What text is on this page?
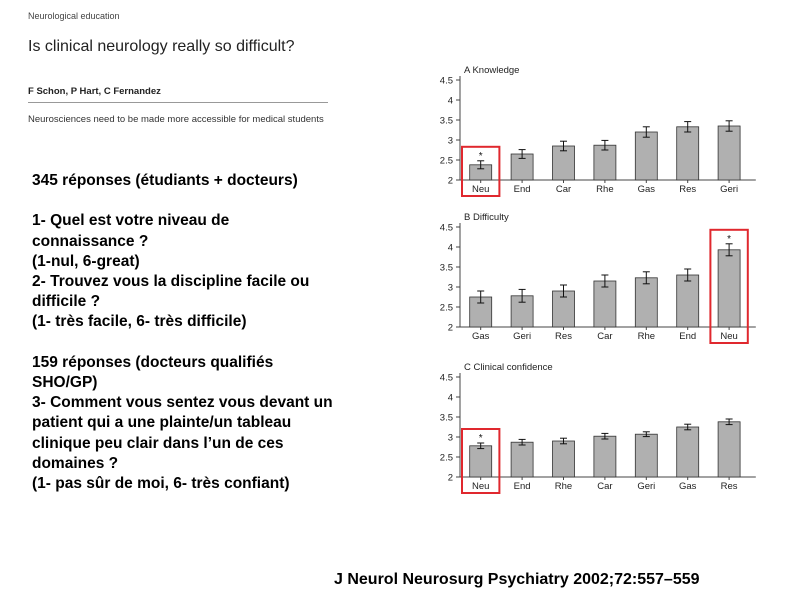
Neurological education
Is clinical neurology really so difficult?
F Schon, P Hart, C Fernandez
Neurosciences need to be made more accessible for medical students
345 réponses (étudiants + docteurs)
1- Quel est votre niveau de
connaissance ?
(1-nul, 6-great)
2- Trouvez vous la discipline facile ou
difficile ?
(1- très facile, 6- très difficile)
159 réponses (docteurs qualifiés
SHO/GP)
3- Comment vous sentez vous devant un
patient qui a une plainte/un tableau
clinique peu clair dans l’un de ces
domaines ?
(1- pas sûr de moi, 6- très confiant)
A Knowledge
2
2.5
3
3.5
4
4.5
Neu
*
End	Car	Rhe	Gas	Res	Geri
B Difficulty
2
2.5
3
3.5
4
4.5
Gas Geri	Res	Car	Rhe	End	Neu
*
C Clinical confidence
2
2.5
3
3.5
4
4.5
Neu
*
End	Rhe	Car	Geri Gas	Res
J Neurol Neurosurg Psychiatry 2002;72:557–559
